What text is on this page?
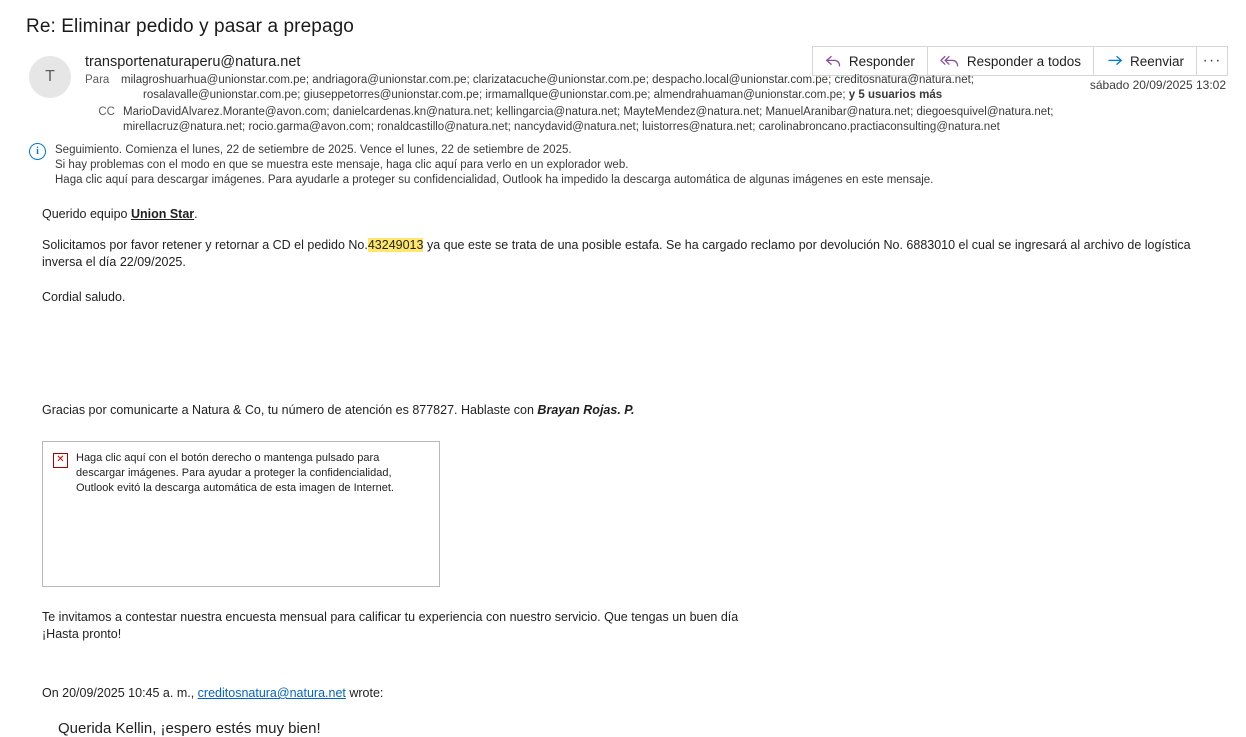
Re: Eliminar pedido y pasar a prepago
Responder	Responder a todos	Reenviar	···
T
transportenaturaperu@natura.net
Para	milagroshuarhua@unionstar.com.pe; andriagora@unionstar.com.pe; clarizatacuche@unionstar.com.pe; despacho.local@unionstar.com.pe; creditosnatura@natura.net;
rosalavalle@unionstar.com.pe; giuseppetorres@unionstar.com.pe; irmamallque@unionstar.com.pe; almendrahuaman@unionstar.com.pe; y 5 usuarios más
CC MarioDavidAlvarez.Morante@avon.com; danielcardenas.kn@natura.net; kellingarcia@natura.net; MayteMendez@natura.net; ManuelAranibar@natura.net; diegoesquivel@natura.net;
mirellacruz@natura.net; rocio.garma@avon.com; ronaldcastillo@natura.net; nancydavid@natura.net; luistorres@natura.net; carolinabroncano.practiaconsulting@natura.net
sábado 20/09/2025 13:02
i	Seguimiento. Comienza el lunes, 22 de setiembre de 2025. Vence el lunes, 22 de setiembre de 2025.
Si hay problemas con el modo en que se muestra este mensaje, haga clic aquí para verlo en un explorador web.
Haga clic aquí para descargar imágenes. Para ayudarle a proteger su confidencialidad, Outlook ha impedido la descarga automática de algunas imágenes en este mensaje.

Querido equipo Union Star.

Solicitamos por favor retener y retornar a CD el pedido No.43249013 ya que este se trata de una posible estafa. Se ha cargado reclamo por devolución No. 6883010 el cual se ingresará al archivo de logística inversa el día 22/09/2025.

Cordial saludo.

Gracias por comunicarte a Natura & Co, tu número de atención es 877827. Hablaste con Brayan Rojas. P.

✕	Haga clic aquí con el botón derecho o mantenga pulsado para descargar imágenes. Para ayudar a proteger la confidencialidad, Outlook evitó la descarga automática de esta imagen de Internet.

Te invitamos a contestar nuestra encuesta mensual para calificar tu experiencia con nuestro servicio. Que tengas un buen día
¡Hasta pronto!

On 20/09/2025 10:45 a. m., creditosnatura@natura.net wrote:
Querida Kellin, ¡espero estés muy bien!
